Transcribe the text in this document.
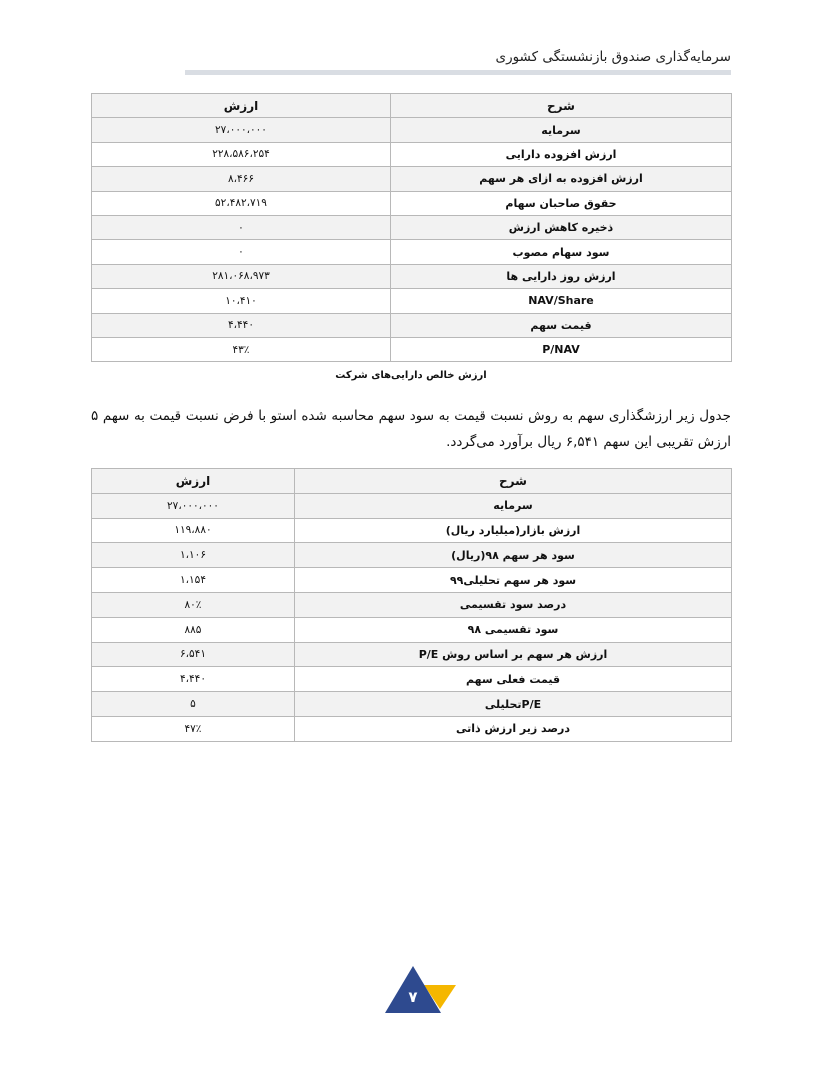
سرمایه‌گذاری صندوق بازنشستگی کشوری
شرح	ارزش
سرمایه	۲۷،۰۰۰،۰۰۰
ارزش افزوده دارایی	۲۲۸،۵۸۶،۲۵۴
ارزش افزوده به ازای هر سهم	۸،۴۶۶
حقوق صاحبان سهام	۵۲،۴۸۲،۷۱۹
ذخیره کاهش ارزش	۰
سود سهام مصوب	۰
ارزش روز دارایی ها	۲۸۱،۰۶۸،۹۷۳
NAV/Share	۱۰،۴۱۰
قیمت سهم	۴،۴۴۰
P/NAV	۴۳٪
ارزش خالص دارایی‌های شرکت
جدول زیر ارزشگذاری سهم به روش نسبت قیمت به سود سهم محاسبه شده استو با فرض نسبت قیمت به سهم ۵ ارزش تقریبی این سهم ۶,۵۴۱ ریال برآورد می‌گردد.
شرح	ارزش
سرمایه	۲۷،۰۰۰،۰۰۰
ارزش بازار(میلیارد ریال)	۱۱۹،۸۸۰
سود هر سهم ۹۸(ریال)	۱،۱۰۶
سود هر سهم تحلیلی۹۹	۱،۱۵۴
درصد سود تقسیمی	۸۰٪
سود تقسیمی ۹۸	۸۸۵
ارزش هر سهم بر اساس روش P/E	۶،۵۴۱
قیمت فعلی سهم	۴،۴۴۰
P/Eتحلیلی	۵
درصد زیر ارزش ذاتی	۴۷٪
۷
